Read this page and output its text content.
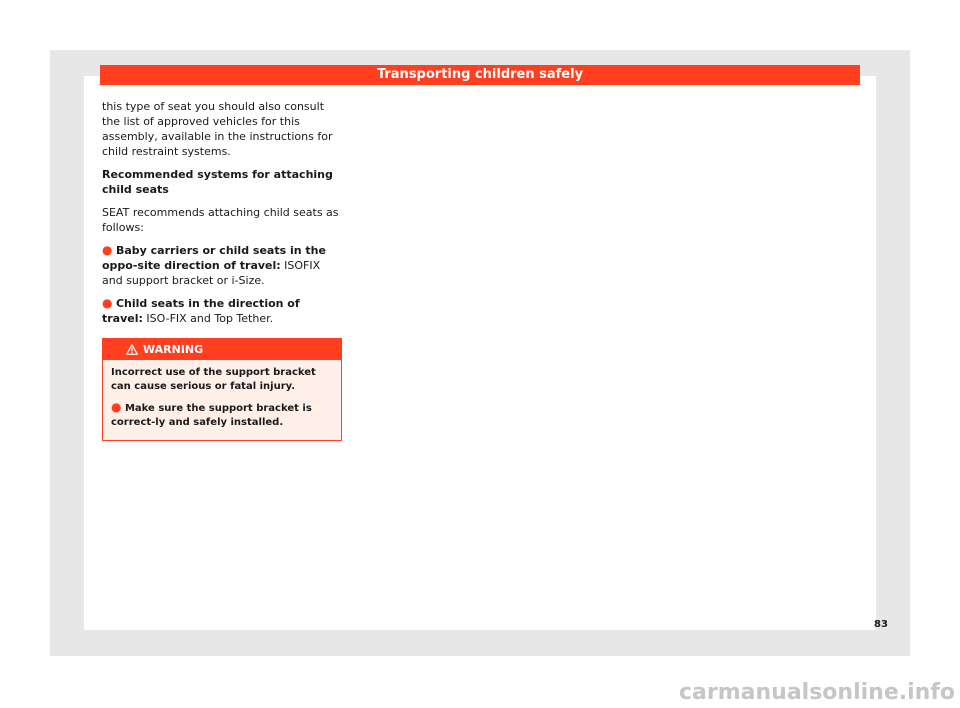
Transporting children safely

this type of seat you should also consult the list of approved vehicles for this assembly, available in the instructions for child restraint systems.

Recommended systems for attaching child seats

SEAT recommends attaching child seats as follows:

● Baby carriers or child seats in the oppo-site direction of travel: ISOFIX and support bracket or i-Size.

● Child seats in the direction of travel: ISO-FIX and Top Tether.

WARNING

Incorrect use of the support bracket can cause serious or fatal injury.

● Make sure the support bracket is correct-ly and safely installed.

83
carmanualsonline.info
